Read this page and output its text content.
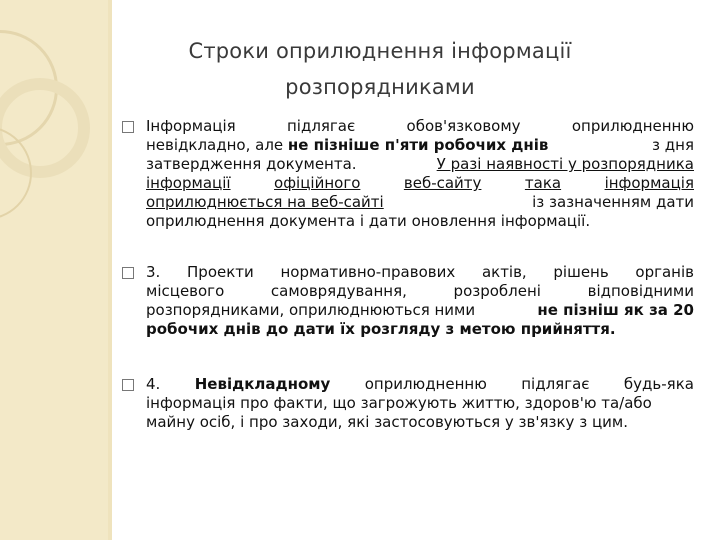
Строки оприлюднення інформації
розпорядниками
Інформація	підлягає	обов'язковому	оприлюдненню
невідкладно, але не пізніше п'яти робочих днів	з дня
затвердження документа.	У разі наявності у розпорядника
інформації	офіційного	веб-сайту	така	інформація
оприлюднюється на веб-сайті	із зазначенням дати
оприлюднення документа і дати оновлення інформації.
3. Проекти нормативно-правових актів, рішень органів
місцевого	самоврядування,	розроблені	відповідними
розпорядниками, оприлюднюються ними	не пізніш як за 20
робочих днів до дати їх розгляду з метою прийняття.
4. Невідкладному оприлюдненню підлягає будь-яка
інформація про факти, що загрожують життю, здоров'ю та/або
майну осіб, і про заходи, які застосовуються у зв'язку з цим.
